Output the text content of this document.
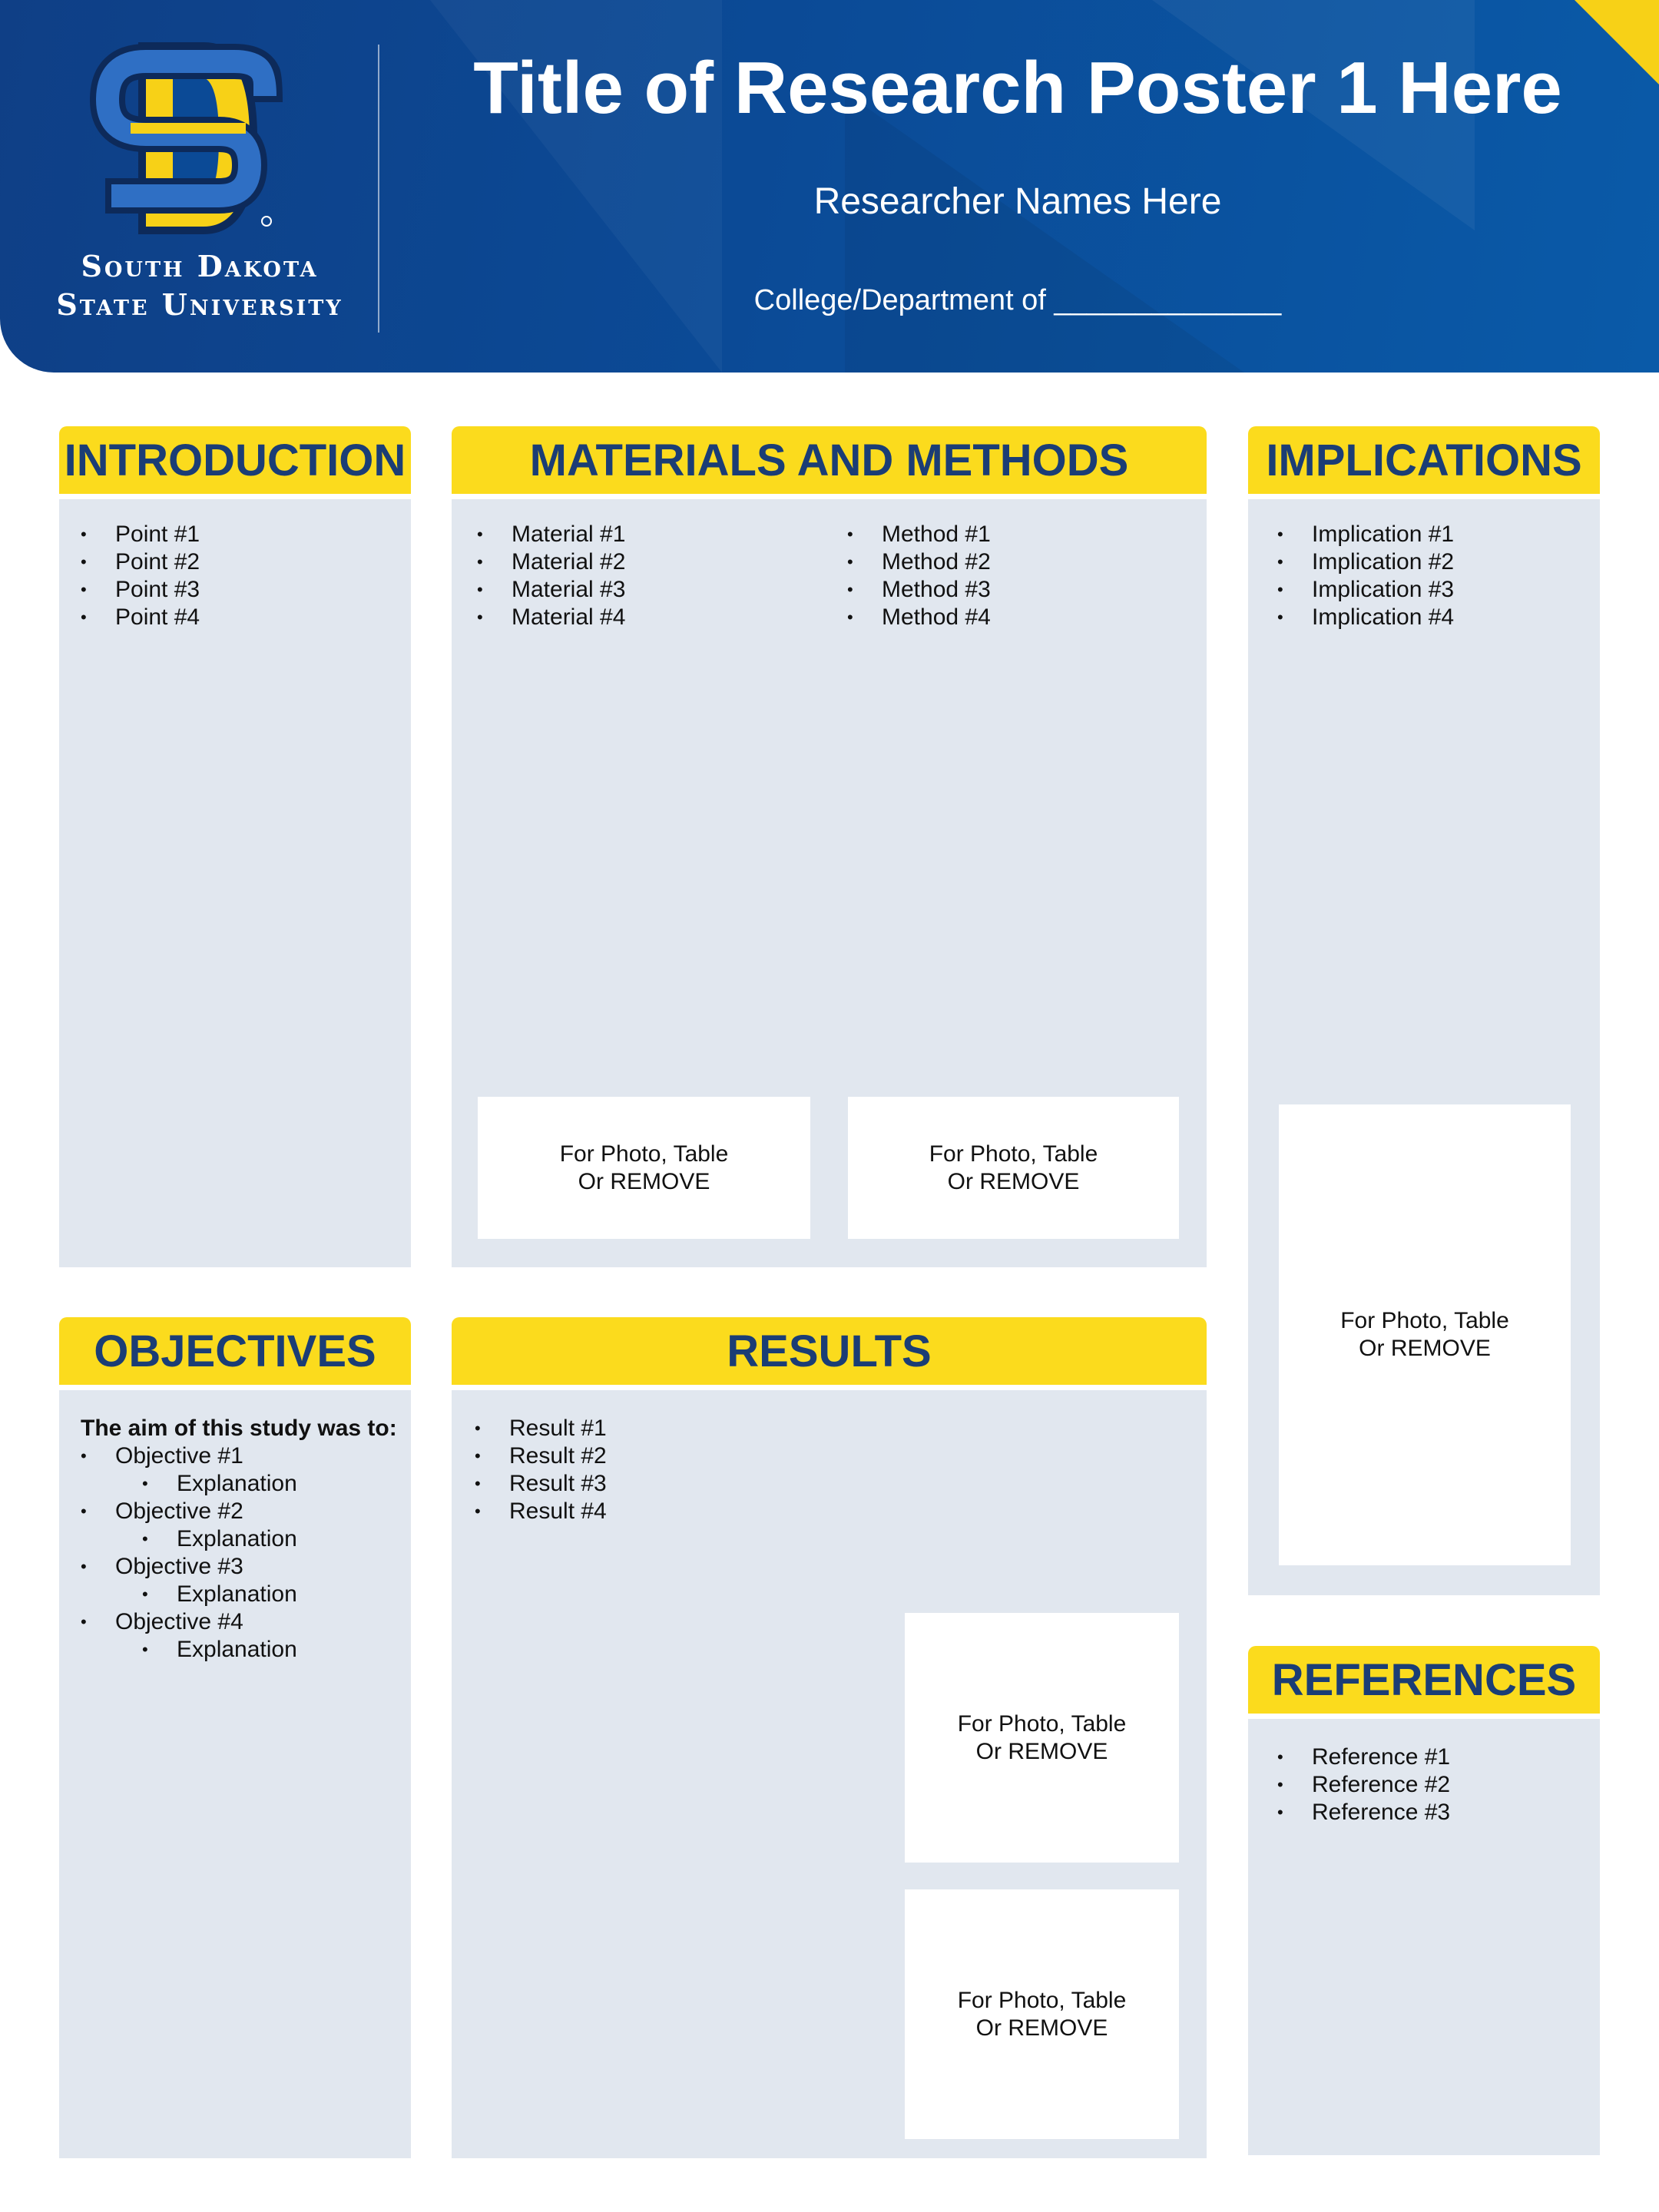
South Dakota
State University
Title of Research Poster 1 Here
Researcher Names Here
College/Department of ______________
INTRODUCTION
• Point #1
• Point #2
• Point #3
• Point #4
MATERIALS AND METHODS
• Material #1
• Material #2
• Material #3
• Material #4
• Method #1
• Method #2
• Method #3
• Method #4
For Photo, Table
Or REMOVE
For Photo, Table
Or REMOVE
IMPLICATIONS
• Implication #1
• Implication #2
• Implication #3
• Implication #4
For Photo, Table
Or REMOVE
OBJECTIVES
The aim of this study was to:
• Objective #1
• Explanation
• Objective #2
• Explanation
• Objective #3
• Explanation
• Objective #4
• Explanation
RESULTS
• Result #1
• Result #2
• Result #3
• Result #4
For Photo, Table
Or REMOVE
For Photo, Table
Or REMOVE
REFERENCES
• Reference #1
• Reference #2
• Reference #3
